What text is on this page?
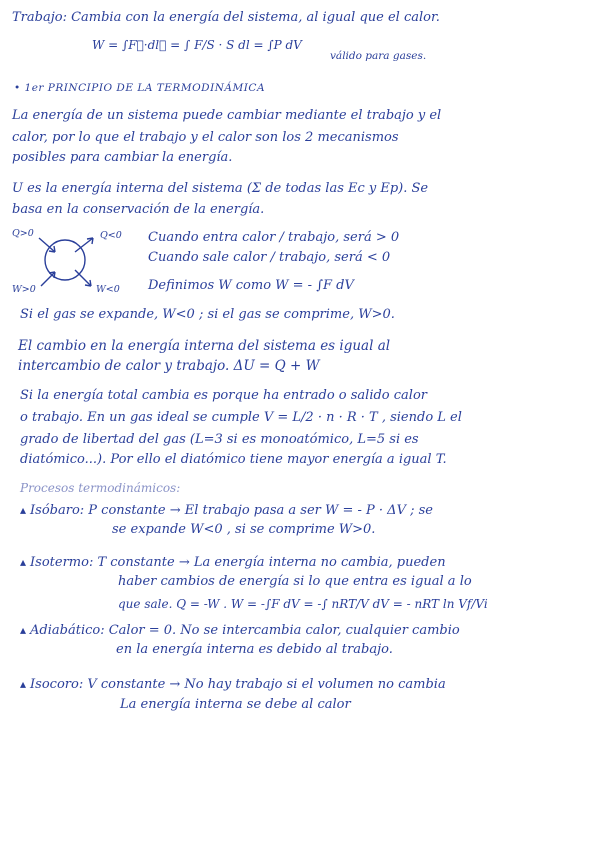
Trabajo: Cambia con la energía del sistema, al igual que el calor.
W = ∫F⃗·dl⃗ = ∫ F/S · S dl = ∫P dV
válido para gases.
• 1er PRINCIPIO DE LA TERMODINÁMICA
La energía de un sistema puede cambiar mediante el trabajo y el
calor, por lo que el trabajo y el calor son los 2 mecanismos
posibles para cambiar la energía.
U es la energía interna del sistema (Σ de todas las Ec y Ep). Se
basa en la conservación de la energía.
Q>0	Q<0
W>0	W<0
Cuando entra calor / trabajo, será > 0
Cuando sale calor / trabajo, será < 0
Definimos W como W = - ∫F dV
Si el gas se expande, W<0 ; si el gas se comprime, W>0.
El cambio en la energía interna del sistema es igual al
intercambio de calor y trabajo. ΔU = Q + W
Si la energía total cambia es porque ha entrado o salido calor
o trabajo. En un gas ideal se cumple V = L/2 · n · R · T , siendo L el
grado de libertad del gas (L=3 si es monoatómico, L=5 si es
diatómico...). Por ello el diatómico tiene mayor energía a igual T.
Procesos termodinámicos:
▴ Isóbaro: P constante → El trabajo pasa a ser W = - P · ΔV ; se
se expande W<0 , si se comprime W>0.
▴ Isotermo: T constante → La energía interna no cambia, pueden
haber cambios de energía si lo que entra es igual a lo
que sale. Q = -W . W = -∫F dV = -∫ nRT/V dV = - nRT ln Vf/Vi
▴ Adiabático: Calor = 0. No se intercambia calor, cualquier cambio
en la energía interna es debido al trabajo.
▴ Isocoro: V constante → No hay trabajo si el volumen no cambia
La energía interna se debe al calor
